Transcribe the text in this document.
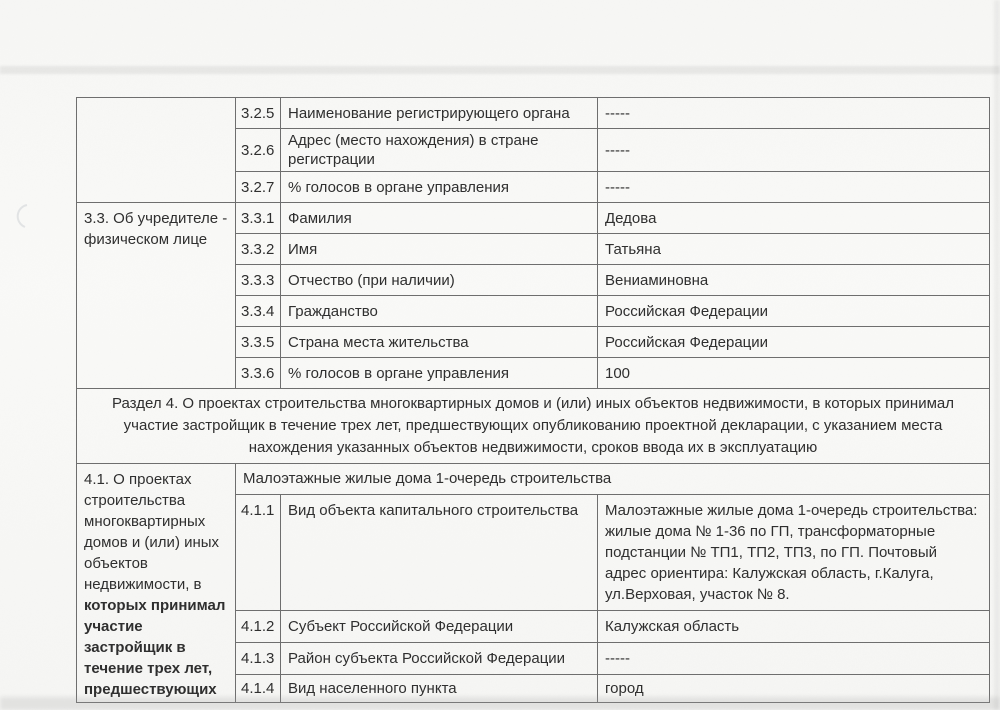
	3.2.5	Наименование регистрирующего органа	-----
	3.2.6	Адрес (место нахождения) в стране регистрации	-----
	3.2.7	% голосов в органе управления	-----
3.3. Об учредителе - физическом лице	3.3.1	Фамилия	Дедова
	3.3.2	Имя	Татьяна
	3.3.3	Отчество (при наличии)	Вениаминовна
	3.3.4	Гражданство	Российская Федерации
	3.3.5	Страна места жительства	Российская Федерации
	3.3.6	% голосов в органе управления	100
Раздел 4. О проектах строительства многоквартирных домов и (или) иных объектов недвижимости, в которых принимал участие застройщик в течение трех лет, предшествующих опубликованию проектной декларации, с указанием места нахождения указанных объектов недвижимости, сроков ввода их в эксплуатацию			
4.1. О проектах строительства многоквартирных домов и (или) иных объектов недвижимости, в которых принимал участие застройщик в течение трех лет, предшествующих	Малоэтажные жилые дома 1-очередь строительства		
	4.1.1	Вид объекта капитального строительства	Малоэтажные жилые дома 1-очередь строительства: жилые дома № 1-36 по ГП, трансформаторные подстанции № ТП1, ТП2, ТП3, по ГП. Почтовый адрес ориентира: Калужская область, г.Калуга, ул.Верховая, участок № 8.
	4.1.2	Субъект Российской Федерации	Калужская область
	4.1.3	Район субъекта Российской Федерации	-----
	4.1.4	Вид населенного пункта	город
